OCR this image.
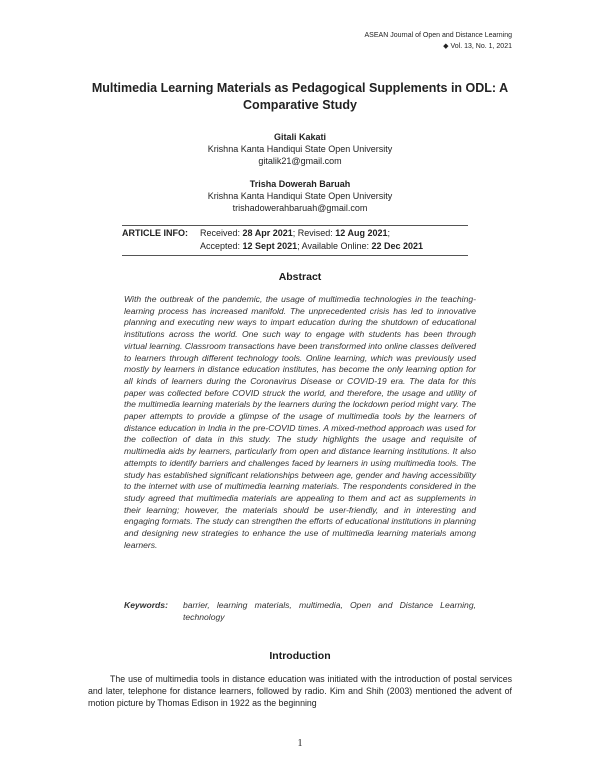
ASEAN Journal of Open and Distance Learning
◆ Vol. 13, No. 1, 2021
Multimedia Learning Materials as Pedagogical Supplements in ODL: A Comparative Study
Gitali Kakati
Krishna Kanta Handiqui State Open University
gitalik21@gmail.com
Trisha Dowerah Baruah
Krishna Kanta Handiqui State Open University
trishadowerahbaruah@gmail.com
ARTICLE INFO:	Received: 28 Apr 2021; Revised: 12 Aug 2021;
Accepted: 12 Sept 2021; Available Online: 22 Dec 2021
Abstract
With the outbreak of the pandemic, the usage of multimedia technologies in the teaching-learning process has increased manifold. The unprecedented crisis has led to innovative planning and executing new ways to impart education during the shutdown of educational institutions across the world. One such way to engage with students has been through virtual learning. Classroom transactions have been transformed into online classes delivered to learners through different technology tools. Online learning, which was previously used mostly by learners in distance education institutes, has become the only learning option for all kinds of learners during the Coronavirus Disease or COVID-19 era. The data for this paper was collected before COVID struck the world, and therefore, the usage and utility of the multimedia learning materials by the learners during the lockdown period might vary. The paper attempts to provide a glimpse of the usage of multimedia tools by the learners of distance education in India in the pre-COVID times. A mixed-method approach was used for the collection of data in this study. The study highlights the usage and requisite of multimedia aids by learners, particularly from open and distance learning institutions. It also attempts to identify barriers and challenges faced by learners in using multimedia tools. The study has established significant relationships between age, gender and having accessibility to the internet with use of multimedia learning materials. The respondents considered in the study agreed that multimedia materials are appealing to them and act as supplements in their learning; however, the materials should be user-friendly, and in interesting and engaging formats. The study can strengthen the efforts of educational institutions in planning and designing new strategies to enhance the use of multimedia learning materials among learners.
Keywords:	barrier, learning materials, multimedia, Open and Distance Learning, technology
Introduction
The use of multimedia tools in distance education was initiated with the introduction of postal services and later, telephone for distance learners, followed by radio. Kim and Shih (2003) mentioned the advent of motion picture by Thomas Edison in 1922 as the beginning
1
